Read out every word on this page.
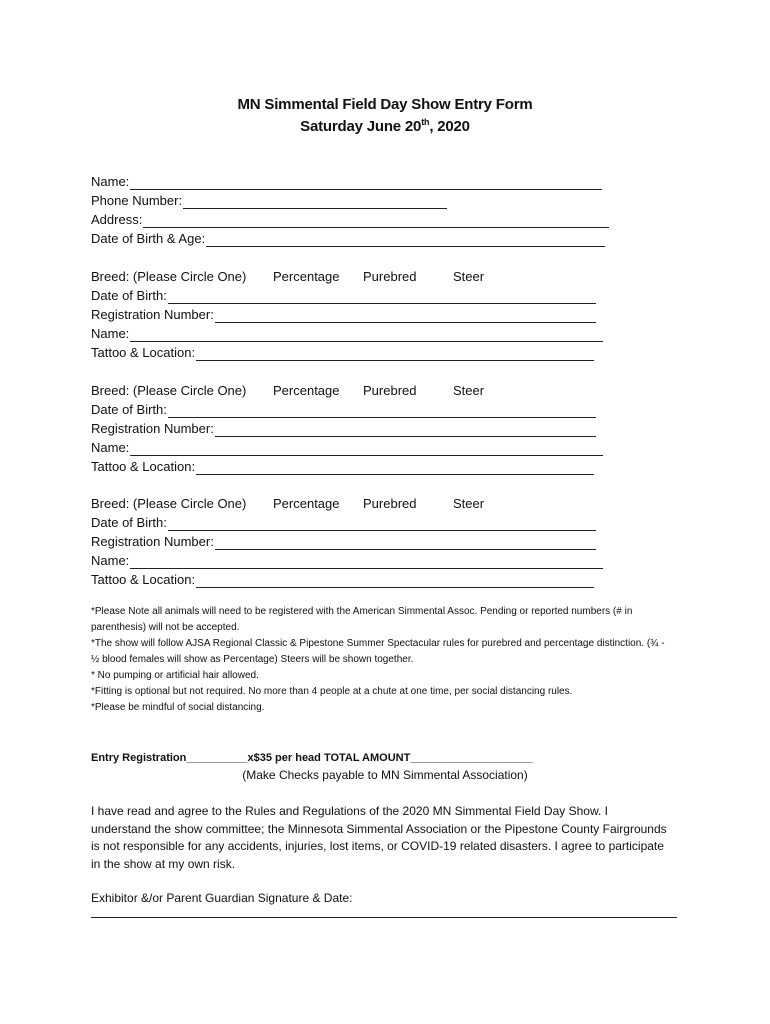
MN Simmental Field Day Show Entry Form
Saturday June 20th, 2020
Name:
Phone Number:
Address:
Date of Birth & Age:
Breed: (Please Circle One) Percentage Purebred	Steer
Date of Birth:
Registration Number:
Name:
Tattoo & Location:
Breed: (Please Circle One) Percentage Purebred	Steer
Date of Birth:
Registration Number:
Name:
Tattoo & Location:
Breed: (Please Circle One) Percentage Purebred	Steer
Date of Birth:
Registration Number:
Name:
Tattoo & Location:

*Please Note all animals will need to be registered with the American Simmental Assoc. Pending or reported numbers (# in parenthesis) will not be accepted.

*The show will follow AJSA Regional Classic & Pipestone Summer Spectacular rules for purebred and percentage distinction. (¾ - ½ blood females will show as Percentage) Steers will be shown together.

* No pumping or artificial hair allowed.

*Fitting is optional but not required. No more than 4 people at a chute at one time, per social distancing rules.

*Please be mindful of social distancing.

Entry Registration__________x$35 per head TOTAL AMOUNT____________________
(Make Checks payable to MN Simmental Association)

I have read and agree to the Rules and Regulations of the 2020 MN Simmental Field Day Show. I understand the show committee; the Minnesota Simmental Association or the Pipestone County Fairgrounds is not responsible for any accidents, injuries, lost items, or COVID-19 related disasters. I agree to participate in the show at my own risk.

Exhibitor &/or Parent Guardian Signature & Date:
